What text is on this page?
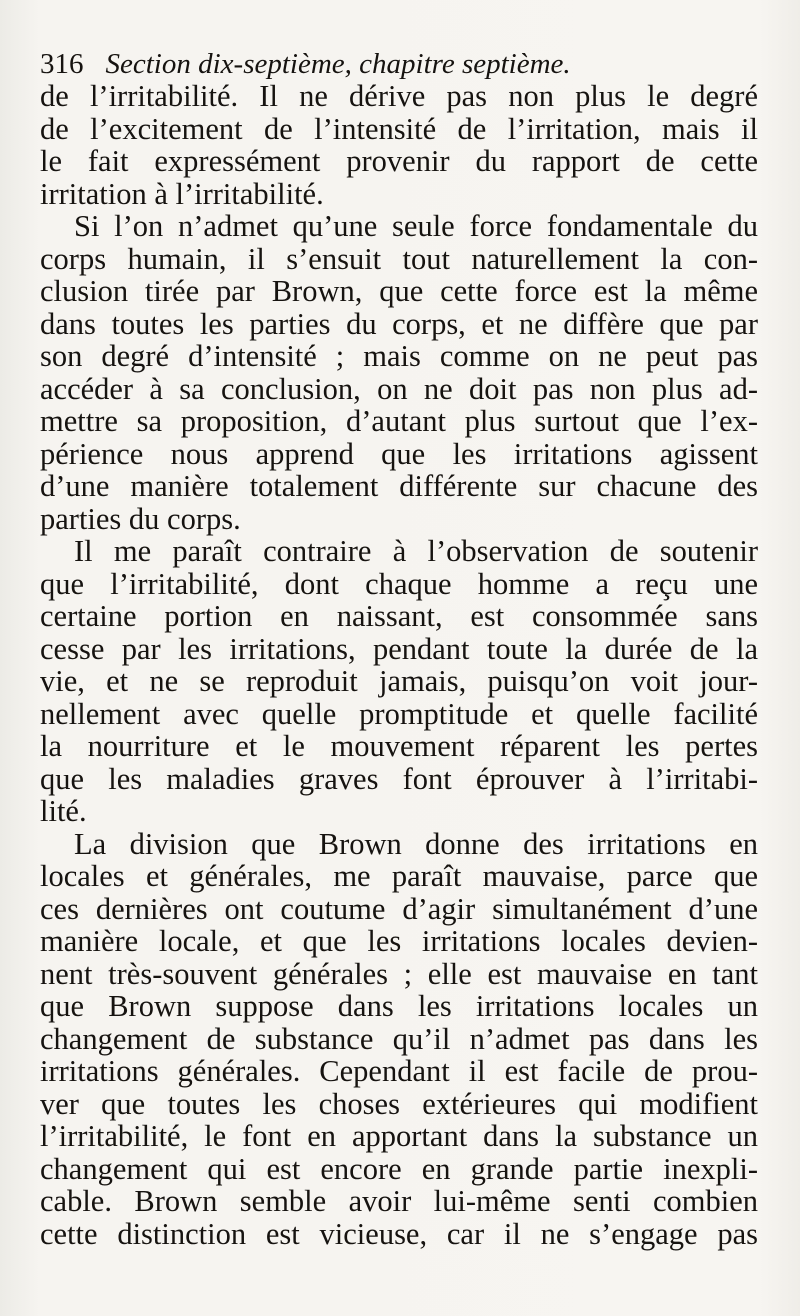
316 Section dix-septième, chapitre septième.
de l’irritabilité. Il ne dérive pas non plus le degré
de l’excitement de l’intensité de l’irritation, mais il
le fait expressément provenir du rapport de cette
irritation à l’irritabilité.
Si l’on n’admet qu’une seule force fondamentale du
corps humain, il s’ensuit tout naturellement la con-
clusion tirée par Brown, que cette force est la même
dans toutes les parties du corps, et ne diffère que par
son degré d’intensité ; mais comme on ne peut pas
accéder à sa conclusion, on ne doit pas non plus ad-
mettre sa proposition, d’autant plus surtout que l’ex-
périence nous apprend que les irritations agissent
d’une manière totalement différente sur chacune des
parties du corps.
Il me paraît contraire à l’observation de soutenir
que l’irritabilité, dont chaque homme a reçu une
certaine portion en naissant, est consommée sans
cesse par les irritations, pendant toute la durée de la
vie, et ne se reproduit jamais, puisqu’on voit jour-
nellement avec quelle promptitude et quelle facilité
la nourriture et le mouvement réparent les pertes
que les maladies graves font éprouver à l’irritabi-
lité.
La division que Brown donne des irritations en
locales et générales, me paraît mauvaise, parce que
ces dernières ont coutume d’agir simultanément d’une
manière locale, et que les irritations locales devien-
nent très-souvent générales ; elle est mauvaise en tant
que Brown suppose dans les irritations locales un
changement de substance qu’il n’admet pas dans les
irritations générales. Cependant il est facile de prou-
ver que toutes les choses extérieures qui modifient
l’irritabilité, le font en apportant dans la substance un
changement qui est encore en grande partie inexpli-
cable. Brown semble avoir lui-même senti combien
cette distinction est vicieuse, car il ne s’engage pas
